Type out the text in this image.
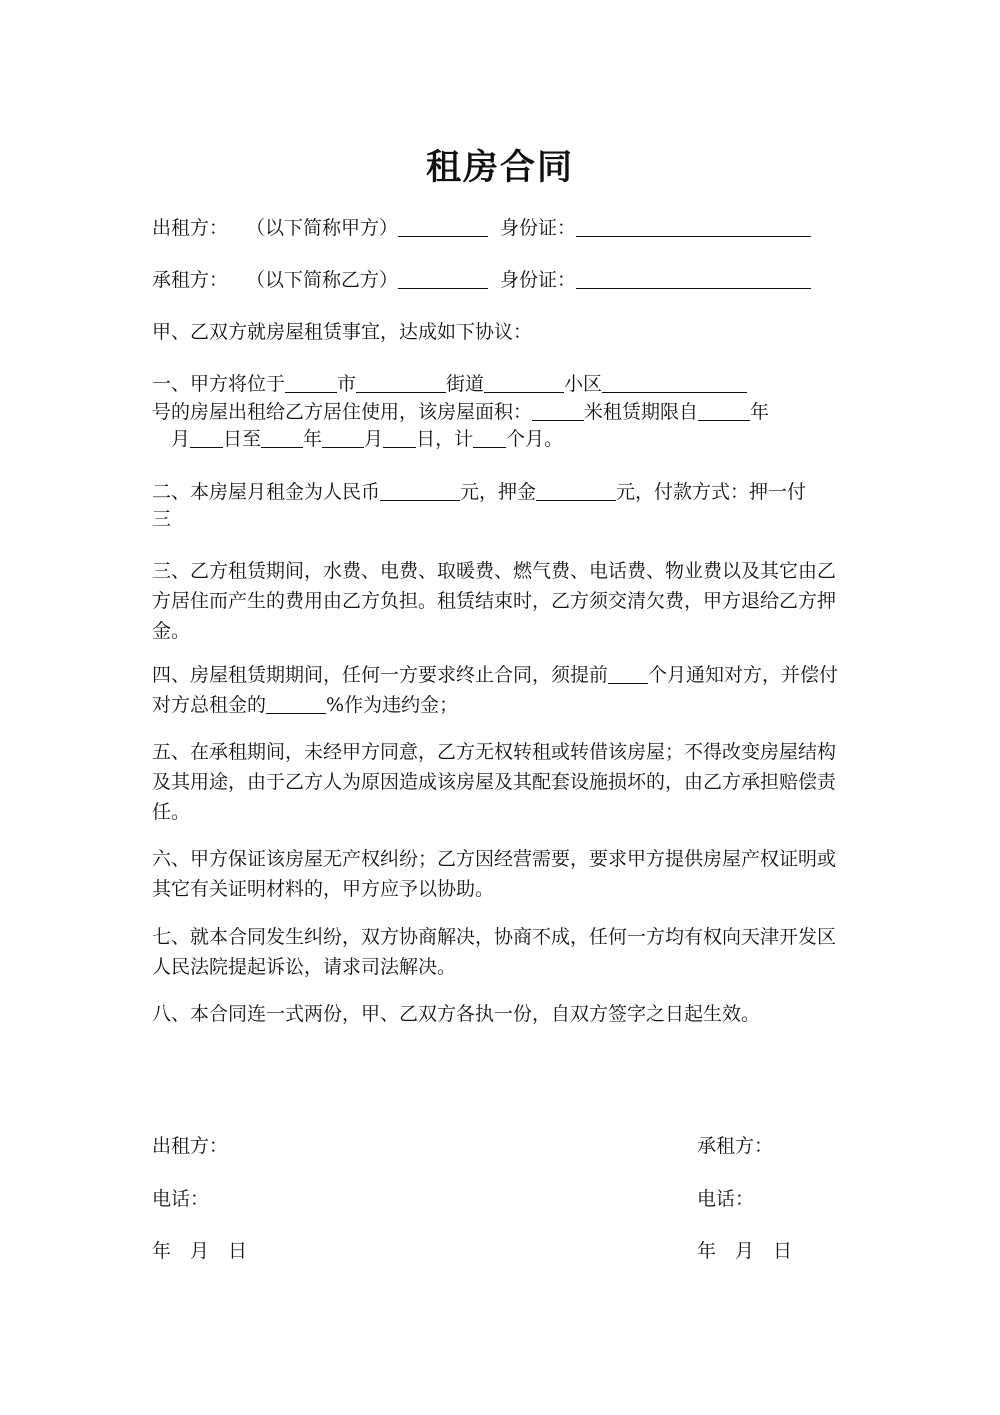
租房合同
出租方： （以下简称甲方）	身份证：
承租方： （以下简称乙方）	身份证：
甲、乙双方就房屋租赁事宜，达成如下协议：
一、甲方将位于	市	街道	小区
号的房屋出租给乙方居住使用，该房屋面积：	米租赁期限自	年
月 日至 年 月 日，计 个月。
二、本房屋月租金为人民币	元，押金	元，付款方式：押一付
三
三、乙方租赁期间，水费、电费、取暖费、燃气费、电话费、物业费以及其它由乙方居住而产生的费用由乙方负担。租赁结束时，乙方须交清欠费，甲方退给乙方押金。
四、房屋租赁期期间，任何一方要求终止合同，须提前 个月通知对方，并偿付对方总租金的	%作为违约金；
五、在承租期间，未经甲方同意，乙方无权转租或转借该房屋；不得改变房屋结构及其用途，由于乙方人为原因造成该房屋及其配套设施损坏的，由乙方承担赔偿责任。
六、甲方保证该房屋无产权纠纷；乙方因经营需要，要求甲方提供房屋产权证明或其它有关证明材料的，甲方应予以协助。
七、就本合同发生纠纷，双方协商解决，协商不成，任何一方均有权向天津开发区人民法院提起诉讼，请求司法解决。
八、本合同连一式两份，甲、乙双方各执一份，自双方签字之日起生效。
出租方：	承租方：
电话：	电话：
年　月　日	年　月　日
